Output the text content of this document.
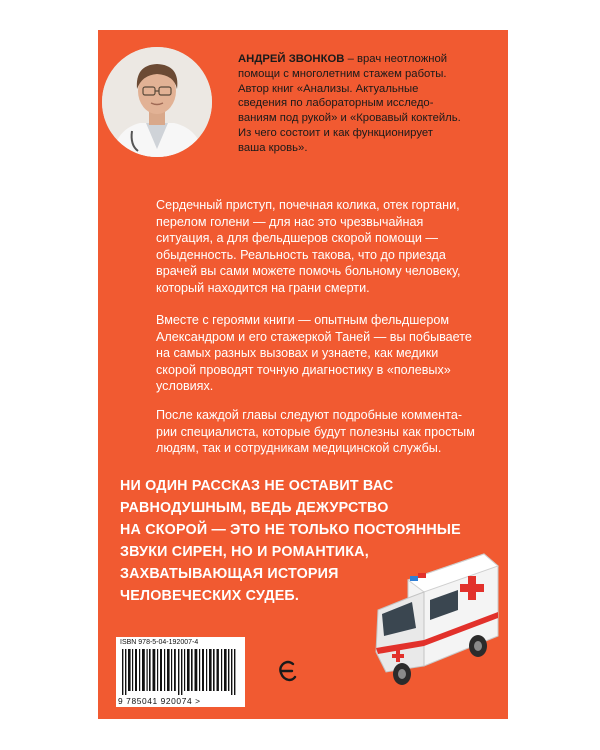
АНДРЕЙ ЗВОНКОВ – врач неотложной
помощи с многолетним стажем работы.
Автор книг «Анализы. Актуальные
сведения по лабораторным исследо-
ваниям под рукой» и «Кровавый коктейль.
Из чего состоит и как функционирует
ваша кровь».
Сердечный приступ, почечная колика, отек гортани,
перелом голени — для нас это чрезвычайная
ситуация, а для фельдшеров скорой помощи —
обыденность. Реальность такова, что до приезда
врачей вы сами можете помочь больному человеку,
который находится на грани смерти.
Вместе с героями книги — опытным фельдшером
Александром и его стажеркой Таней — вы побываете
на самых разных вызовах и узнаете, как медики
скорой проводят точную диагностику в «полевых»
условиях.
После каждой главы следуют подробные коммента-
рии специалиста, которые будут полезны как простым
людям, так и сотрудникам медицинской службы.
НИ ОДИН РАССКАЗ НЕ ОСТАВИТ ВАС
РАВНОДУШНЫМ, ВЕДЬ ДЕЖУРСТВО
НА СКОРОЙ — ЭТО НЕ ТОЛЬКО ПОСТОЯННЫЕ
ЗВУКИ СИРЕН, НО И РОМАНТИКА,
ЗАХВАТЫВАЮЩАЯ ИСТОРИЯ
ЧЕЛОВЕЧЕСКИХ СУДЕБ.
ISBN 978-5-04-192007-4
9 785041 920074 >
